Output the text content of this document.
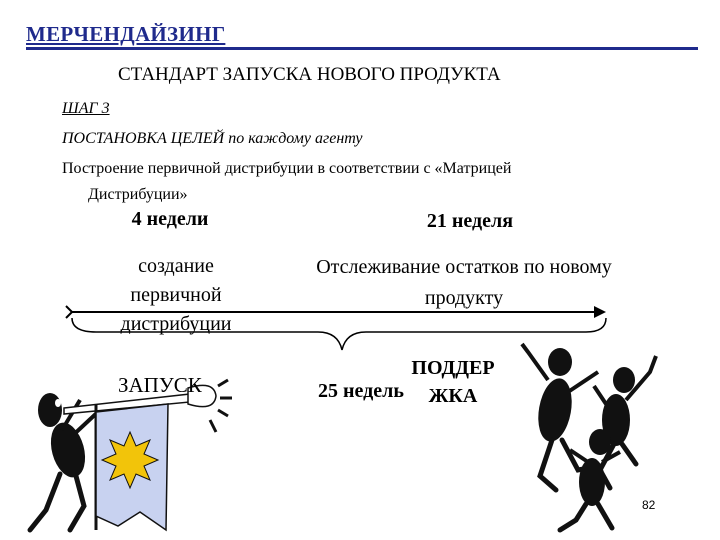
МЕРЧЕНДАЙЗИНГ
СТАНДАРТ ЗАПУСКА НОВОГО ПРОДУКТА
ШАГ 3
ПОСТАНОВКА ЦЕЛЕЙ по каждому агенту
Построение первичной дистрибуции в соответствии с «Матрицей
Дистрибуции»
4 недели	21 неделя
создание первичной дистрибуции
Отслеживание остатков по новому продукту
ЗАПУСК	25 недель
ПОДДЕР ЖКА
82
